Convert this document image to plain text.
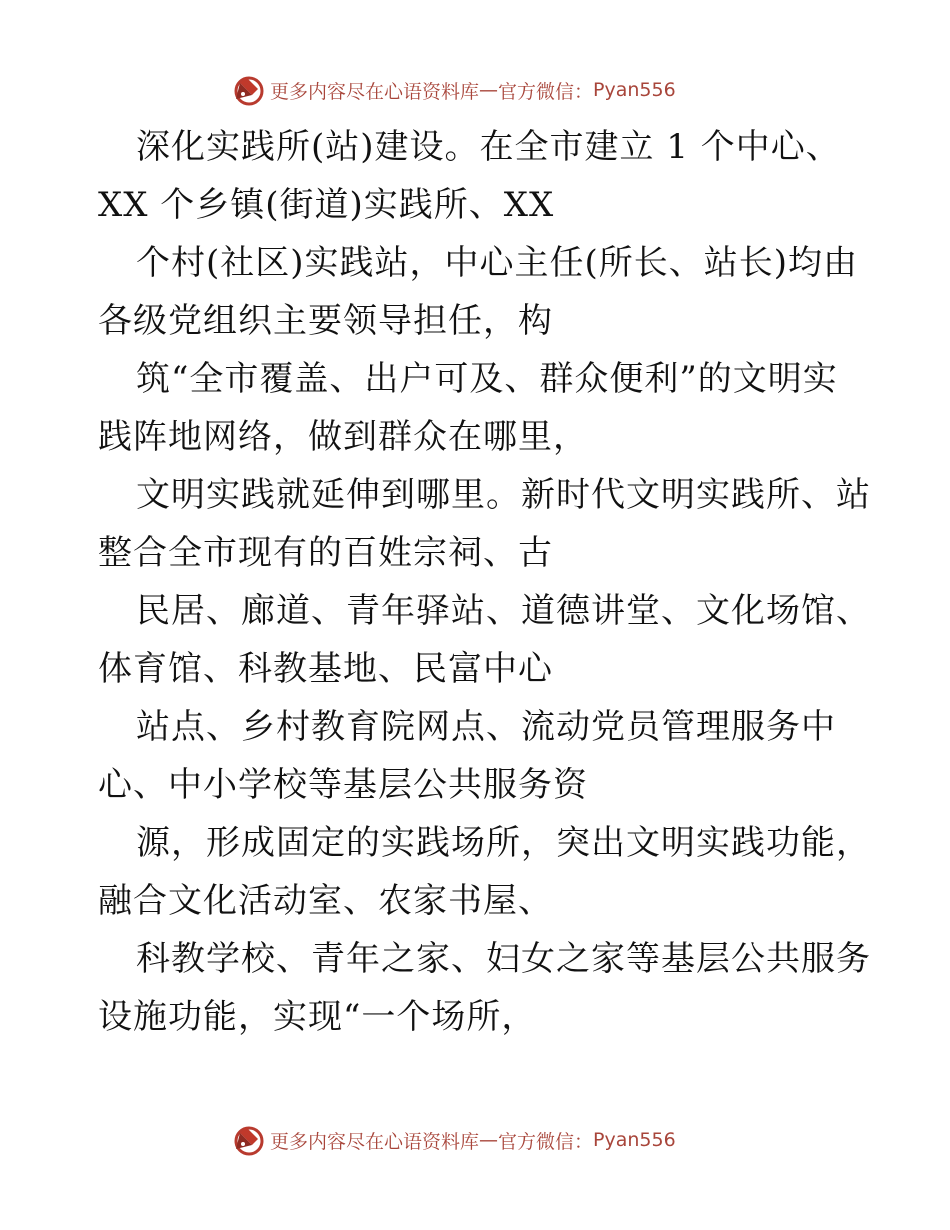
更多内容尽在心语资料库 — 官方微信： Pyan556
深化实践所(站)建设。在全市建立 1 个中心、
XX 个乡镇(街道)实践所、XX
个村(社区)实践站，中心主任(所长、站长)均由
各级党组织主要领导担任，构
筑“全市覆盖、出户可及、群众便利”的文明实
践阵地网络，做到群众在哪里，
文明实践就延伸到哪里。新时代文明实践所、站
整合全市现有的百姓宗祠、古
民居、廊道、青年驿站、道德讲堂、文化场馆、
体育馆、科教基地、民富中心
站点、乡村教育院网点、流动党员管理服务中
心、中小学校等基层公共服务资
源，形成固定的实践场所，突出文明实践功能，
融合文化活动室、农家书屋、
科教学校、青年之家、妇女之家等基层公共服务
设施功能，实现“一个场所，
更多内容尽在心语资料库 — 官方微信： Pyan556
